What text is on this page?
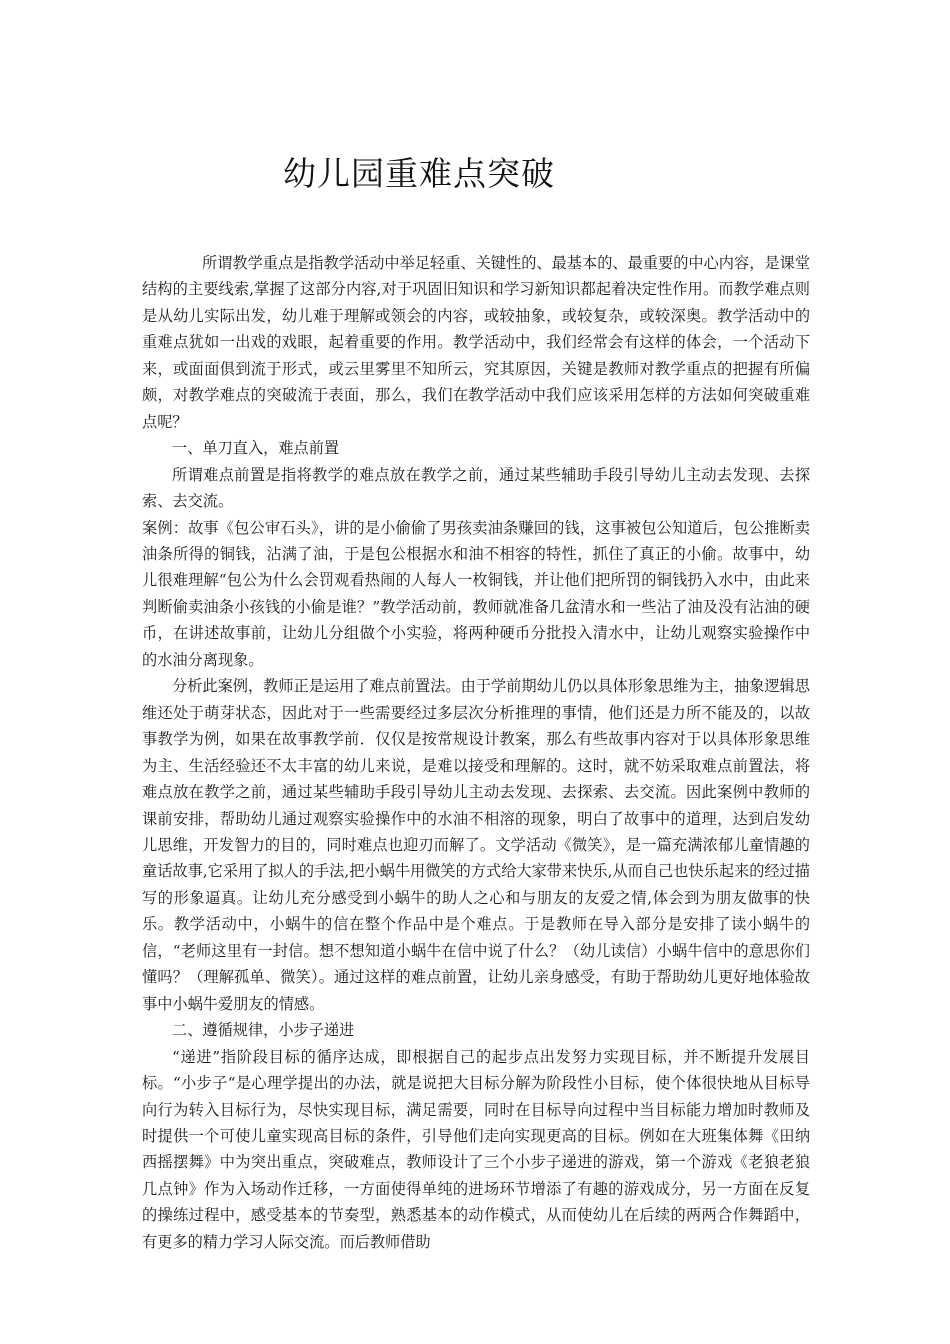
幼儿园重难点突破

所谓教学重点是指教学活动中举足轻重、关键性的、最基本的、最重要的中心内容，是课堂结构的主要线索,掌握了这部分内容,对于巩固旧知识和学习新知识都起着决定性作用。而教学难点则是从幼儿实际出发，幼儿难于理解或领会的内容，或较抽象，或较复杂，或较深奥。教学活动中的重难点犹如一出戏的戏眼，起着重要的作用。教学活动中，我们经常会有这样的体会，一个活动下来，或面面俱到流于形式，或云里雾里不知所云，究其原因，关键是教师对教学重点的把握有所偏颇，对教学难点的突破流于表面，那么，我们在教学活动中我们应该采用怎样的方法如何突破重难点呢？

一、单刀直入，难点前置

所谓难点前置是指将教学的难点放在教学之前，通过某些辅助手段引导幼儿主动去发现、去探索、去交流。

案例：故事《包公审石头》，讲的是小偷偷了男孩卖油条赚回的钱，这事被包公知道后，包公推断卖油条所得的铜钱，沾满了油，于是包公根据水和油不相容的特性，抓住了真正的小偷。故事中，幼儿很难理解“包公为什么会罚观看热闹的人每人一枚铜钱，并让他们把所罚的铜钱扔入水中，由此来判断偷卖油条小孩钱的小偷是谁？”教学活动前，教师就准备几盆清水和一些沾了油及没有沾油的硬币，在讲述故事前，让幼儿分组做个小实验，将两种硬币分批投入清水中，让幼儿观察实验操作中的水油分离现象。

分析此案例，教师正是运用了难点前置法。由于学前期幼儿仍以具体形象思维为主，抽象逻辑思维还处于萌芽状态，因此对于一些需要经过多层次分析推理的事情，他们还是力所不能及的，以故事教学为例，如果在故事教学前．仅仅是按常规设计教案，那么有些故事内容对于以具体形象思维为主、生活经验还不太丰富的幼儿来说，是难以接受和理解的。这时，就不妨采取难点前置法，将难点放在教学之前，通过某些辅助手段引导幼儿主动去发现、去探索、去交流。因此案例中教师的课前安排，帮助幼儿通过观察实验操作中的水油不相溶的现象，明白了故事中的道理，达到启发幼儿思维，开发智力的目的，同时难点也迎刃而解了。文学活动《微笑》，是一篇充满浓郁儿童情趣的童话故事,它采用了拟人的手法,把小蜗牛用微笑的方式给大家带来快乐,从而自己也快乐起来的经过描写的形象逼真。让幼儿充分感受到小蜗牛的助人之心和与朋友的友爱之情,体会到为朋友做事的快乐。教学活动中，小蜗牛的信在整个作品中是个难点。于是教师在导入部分是安排了读小蜗牛的信，“老师这里有一封信。想不想知道小蜗牛在信中说了什么？（幼儿读信）小蜗牛信中的意思你们懂吗？（理解孤单、微笑）。通过这样的难点前置，让幼儿亲身感受，有助于帮助幼儿更好地体验故事中小蜗牛爱朋友的情感。

二、遵循规律，小步子递进

“递进”指阶段目标的循序达成，即根据自己的起步点出发努力实现目标，并不断提升发展目标。“小步子“是心理学提出的办法，就是说把大目标分解为阶段性小目标，使个体很快地从目标导向行为转入目标行为，尽快实现目标，满足需要，同时在目标导向过程中当目标能力增加时教师及时提供一个可使儿童实现高目标的条件，引导他们走向实现更高的目标。例如在大班集体舞《田纳西摇摆舞》中为突出重点，突破难点，教师设计了三个小步子递进的游戏，第一个游戏《老狼老狼几点钟》作为入场动作迁移，一方面使得单纯的进场环节增添了有趣的游戏成分，另一方面在反复的操练过程中，感受基本的节奏型，熟悉基本的动作模式，从而使幼儿在后续的两两合作舞蹈中，有更多的精力学习人际交流。而后教师借助
